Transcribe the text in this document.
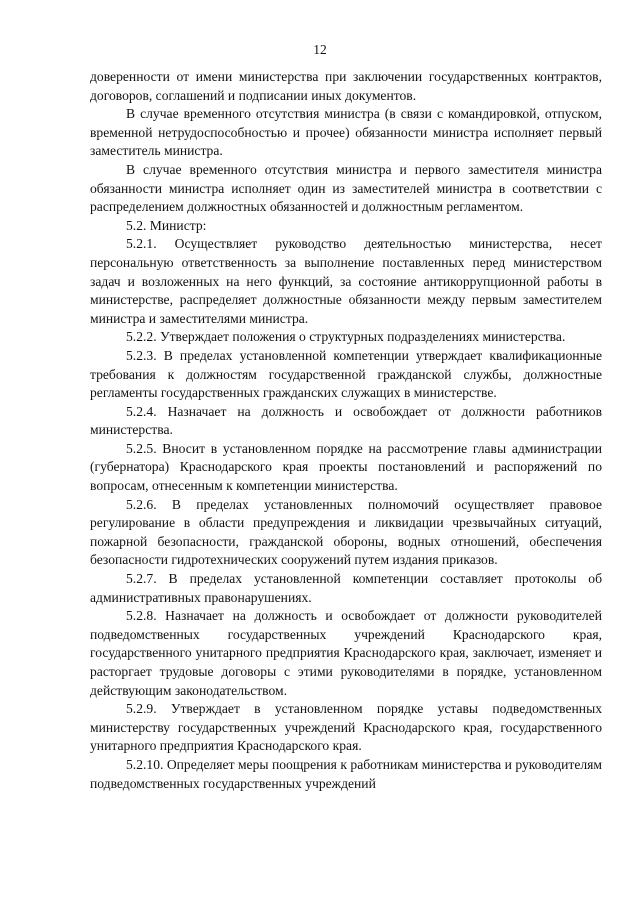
12

доверенности от имени министерства при заключении государственных контрактов, договоров, соглашений и подписании иных документов.

В случае временного отсутствия министра (в связи с командировкой, отпуском, временной нетрудоспособностью и прочее) обязанности министра исполняет первый заместитель министра.

В случае временного отсутствия министра и первого заместителя министра обязанности министра исполняет один из заместителей министра в соответствии с распределением должностных обязанностей и должностным регламентом.

5.2. Министр:

5.2.1. Осуществляет руководство деятельностью министерства, несет персональную ответственность за выполнение поставленных перед министерством задач и возложенных на него функций, за состояние антикоррупционной работы в министерстве, распределяет должностные обязанности между первым заместителем министра и заместителями министра.

5.2.2. Утверждает положения о структурных подразделениях министерства.

5.2.3. В пределах установленной компетенции утверждает квалификационные требования к должностям государственной гражданской службы, должностные регламенты государственных гражданских служащих в министерстве.

5.2.4. Назначает на должность и освобождает от должности работников министерства.

5.2.5. Вносит в установленном порядке на рассмотрение главы администрации (губернатора) Краснодарского края проекты постановлений и распоряжений по вопросам, отнесенным к компетенции министерства.

5.2.6. В пределах установленных полномочий осуществляет правовое регулирование в области предупреждения и ликвидации чрезвычайных ситуаций, пожарной безопасности, гражданской обороны, водных отношений, обеспечения безопасности гидротехнических сооружений путем издания приказов.

5.2.7. В пределах установленной компетенции составляет протоколы об административных правонарушениях.

5.2.8. Назначает на должность и освобождает от должности руководителей подведомственных государственных учреждений Краснодарского края, государственного унитарного предприятия Краснодарского края, заключает, изменяет и расторгает трудовые договоры с этими руководителями в порядке, установленном действующим законодательством.

5.2.9. Утверждает в установленном порядке уставы подведомственных министерству государственных учреждений Краснодарского края, государственного унитарного предприятия Краснодарского края.

5.2.10. Определяет меры поощрения к работникам министерства и руководителям подведомственных государственных учреждений
